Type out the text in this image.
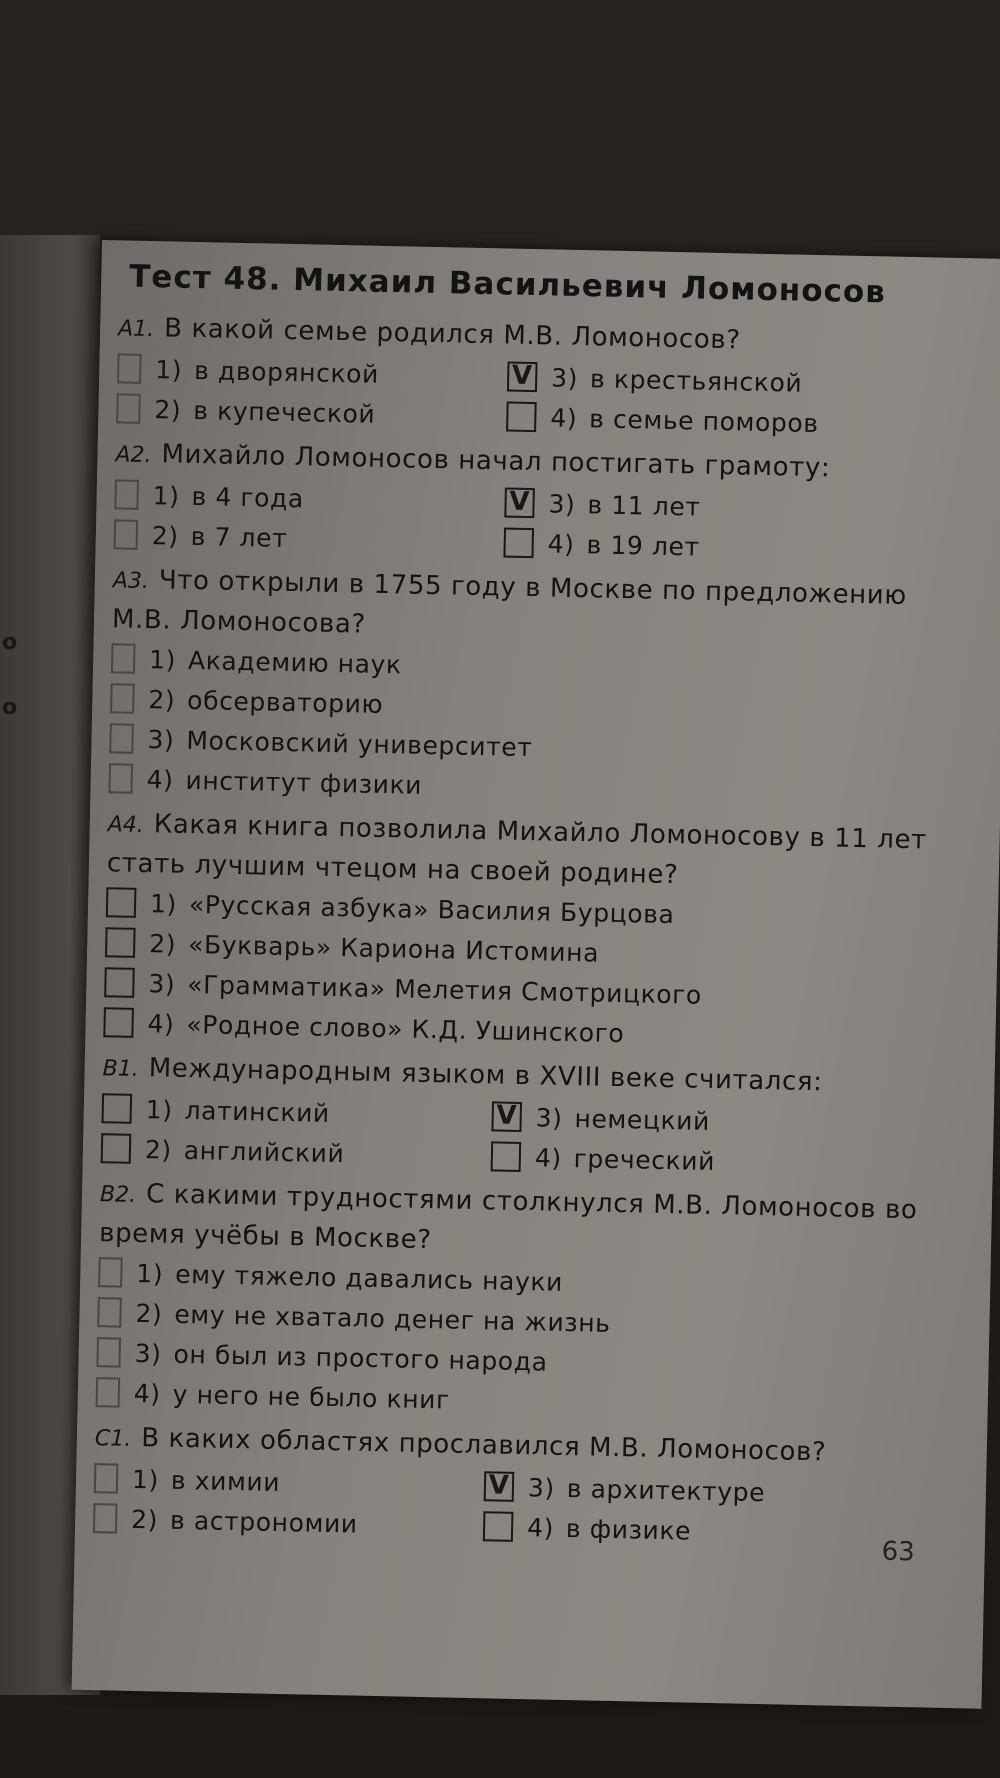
о
о
Тест 48. Михаил Васильевич Ломоносов
А1. В какой семье родился М.В. Ломоносов?
1) в дворянской	V 3) в крестьянской
2) в купеческой	4) в семье поморов
А2. Михайло Ломоносов начал постигать грамоту:
1) в 4 года	V 3) в 11 лет
2) в 7 лет	4) в 19 лет
А3. Что открыли в 1755 году в Москве по предложению М.В. Ломоносова?
1) Академию наук
2) обсерваторию
3) Московский университет
4) институт физики
А4. Какая книга позволила Михайло Ломоносову в 11 лет стать лучшим чтецом на своей родине?
1) «Русская азбука» Василия Бурцова
2) «Букварь» Кариона Истомина
3) «Грамматика» Мелетия Смотрицкого
4) «Родное слово» К.Д. Ушинского
В1. Международным языком в XVIII веке считался:
1) латинский	V 3) немецкий
2) английский	4) греческий
В2. С какими трудностями столкнулся М.В. Ломоносов во время учёбы в Москве?
1) ему тяжело давались науки
2) ему не хватало денег на жизнь
3) он был из простого народа
4) у него не было книг
С1. В каких областях прославился М.В. Ломоносов?
1) в химии	V 3) в архитектуре
2) в астрономии	4) в физике
63
